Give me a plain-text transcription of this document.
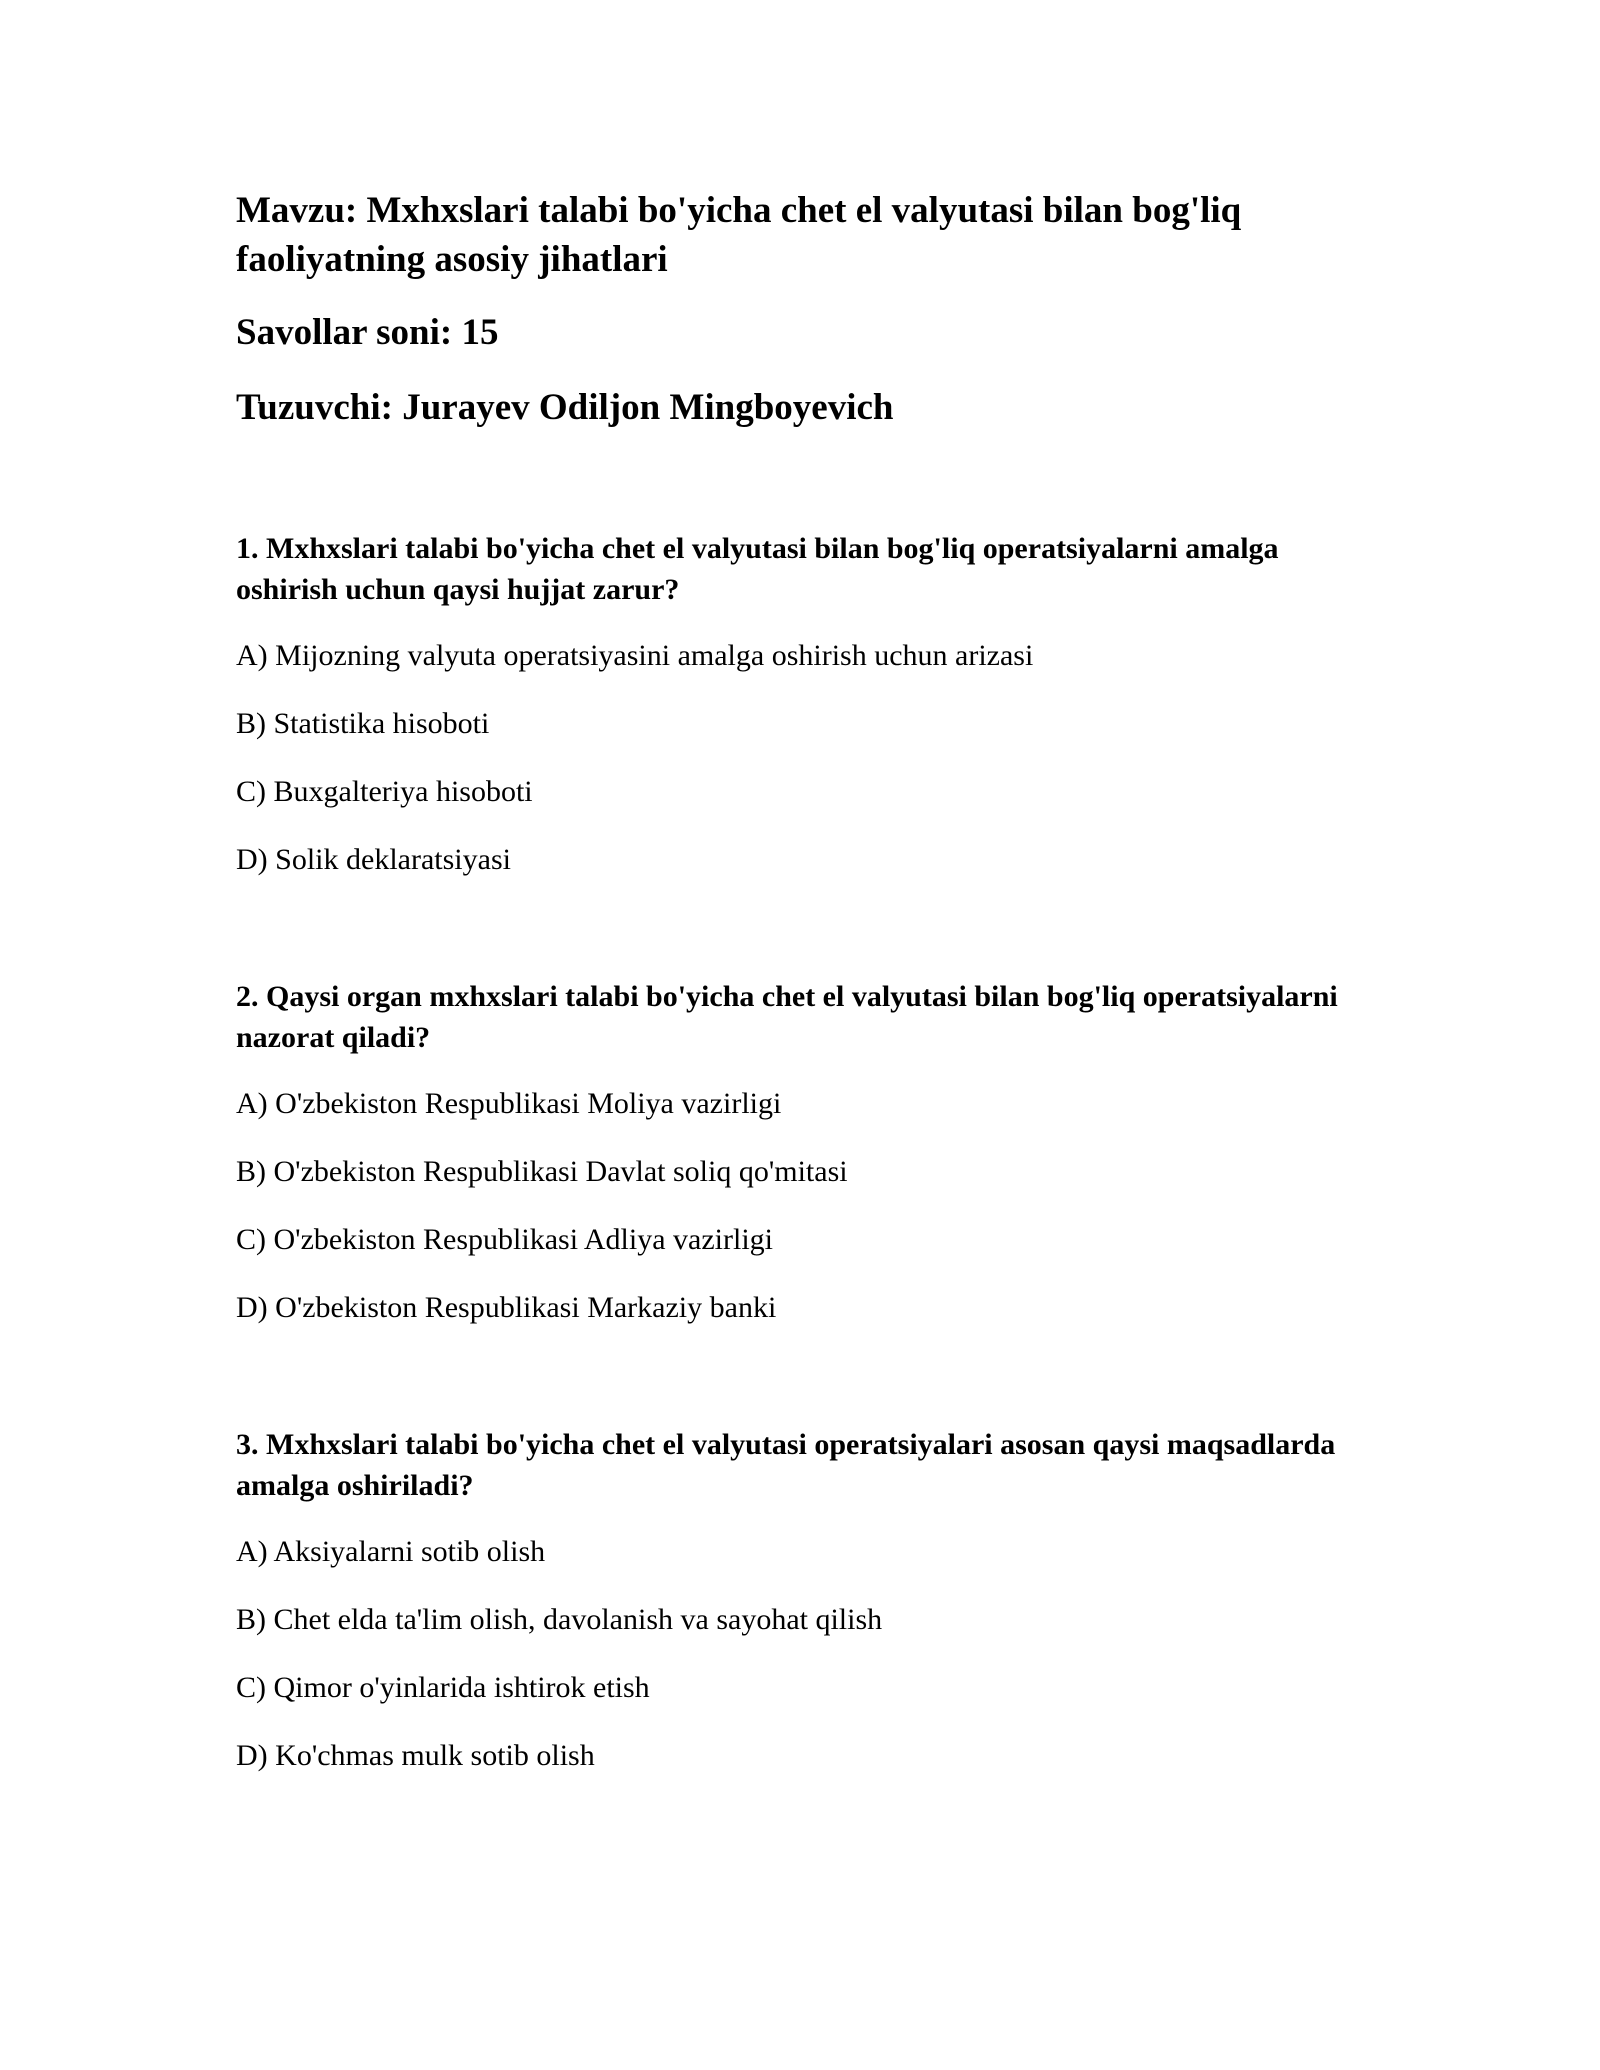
Mavzu: Mxhxslari talabi bo'yicha chet el valyutasi bilan bog'liq faoliyatning asosiy jihatlari

Savollar soni: 15

Tuzuvchi: Jurayev Odiljon Mingboyevich

1. Mxhxslari talabi bo'yicha chet el valyutasi bilan bog'liq operatsiyalarni amalga oshirish uchun qaysi hujjat zarur?

A) Mijozning valyuta operatsiyasini amalga oshirish uchun arizasi

B) Statistika hisoboti

C) Buxgalteriya hisoboti

D) Solik deklaratsiyasi

2. Qaysi organ mxhxslari talabi bo'yicha chet el valyutasi bilan bog'liq operatsiyalarni nazorat qiladi?

A) O'zbekiston Respublikasi Moliya vazirligi

B) O'zbekiston Respublikasi Davlat soliq qo'mitasi

C) O'zbekiston Respublikasi Adliya vazirligi

D) O'zbekiston Respublikasi Markaziy banki

3. Mxhxslari talabi bo'yicha chet el valyutasi operatsiyalari asosan qaysi maqsadlarda amalga oshiriladi?

A) Aksiyalarni sotib olish

B) Chet elda ta'lim olish, davolanish va sayohat qilish

C) Qimor o'yinlarida ishtirok etish

D) Ko'chmas mulk sotib olish
